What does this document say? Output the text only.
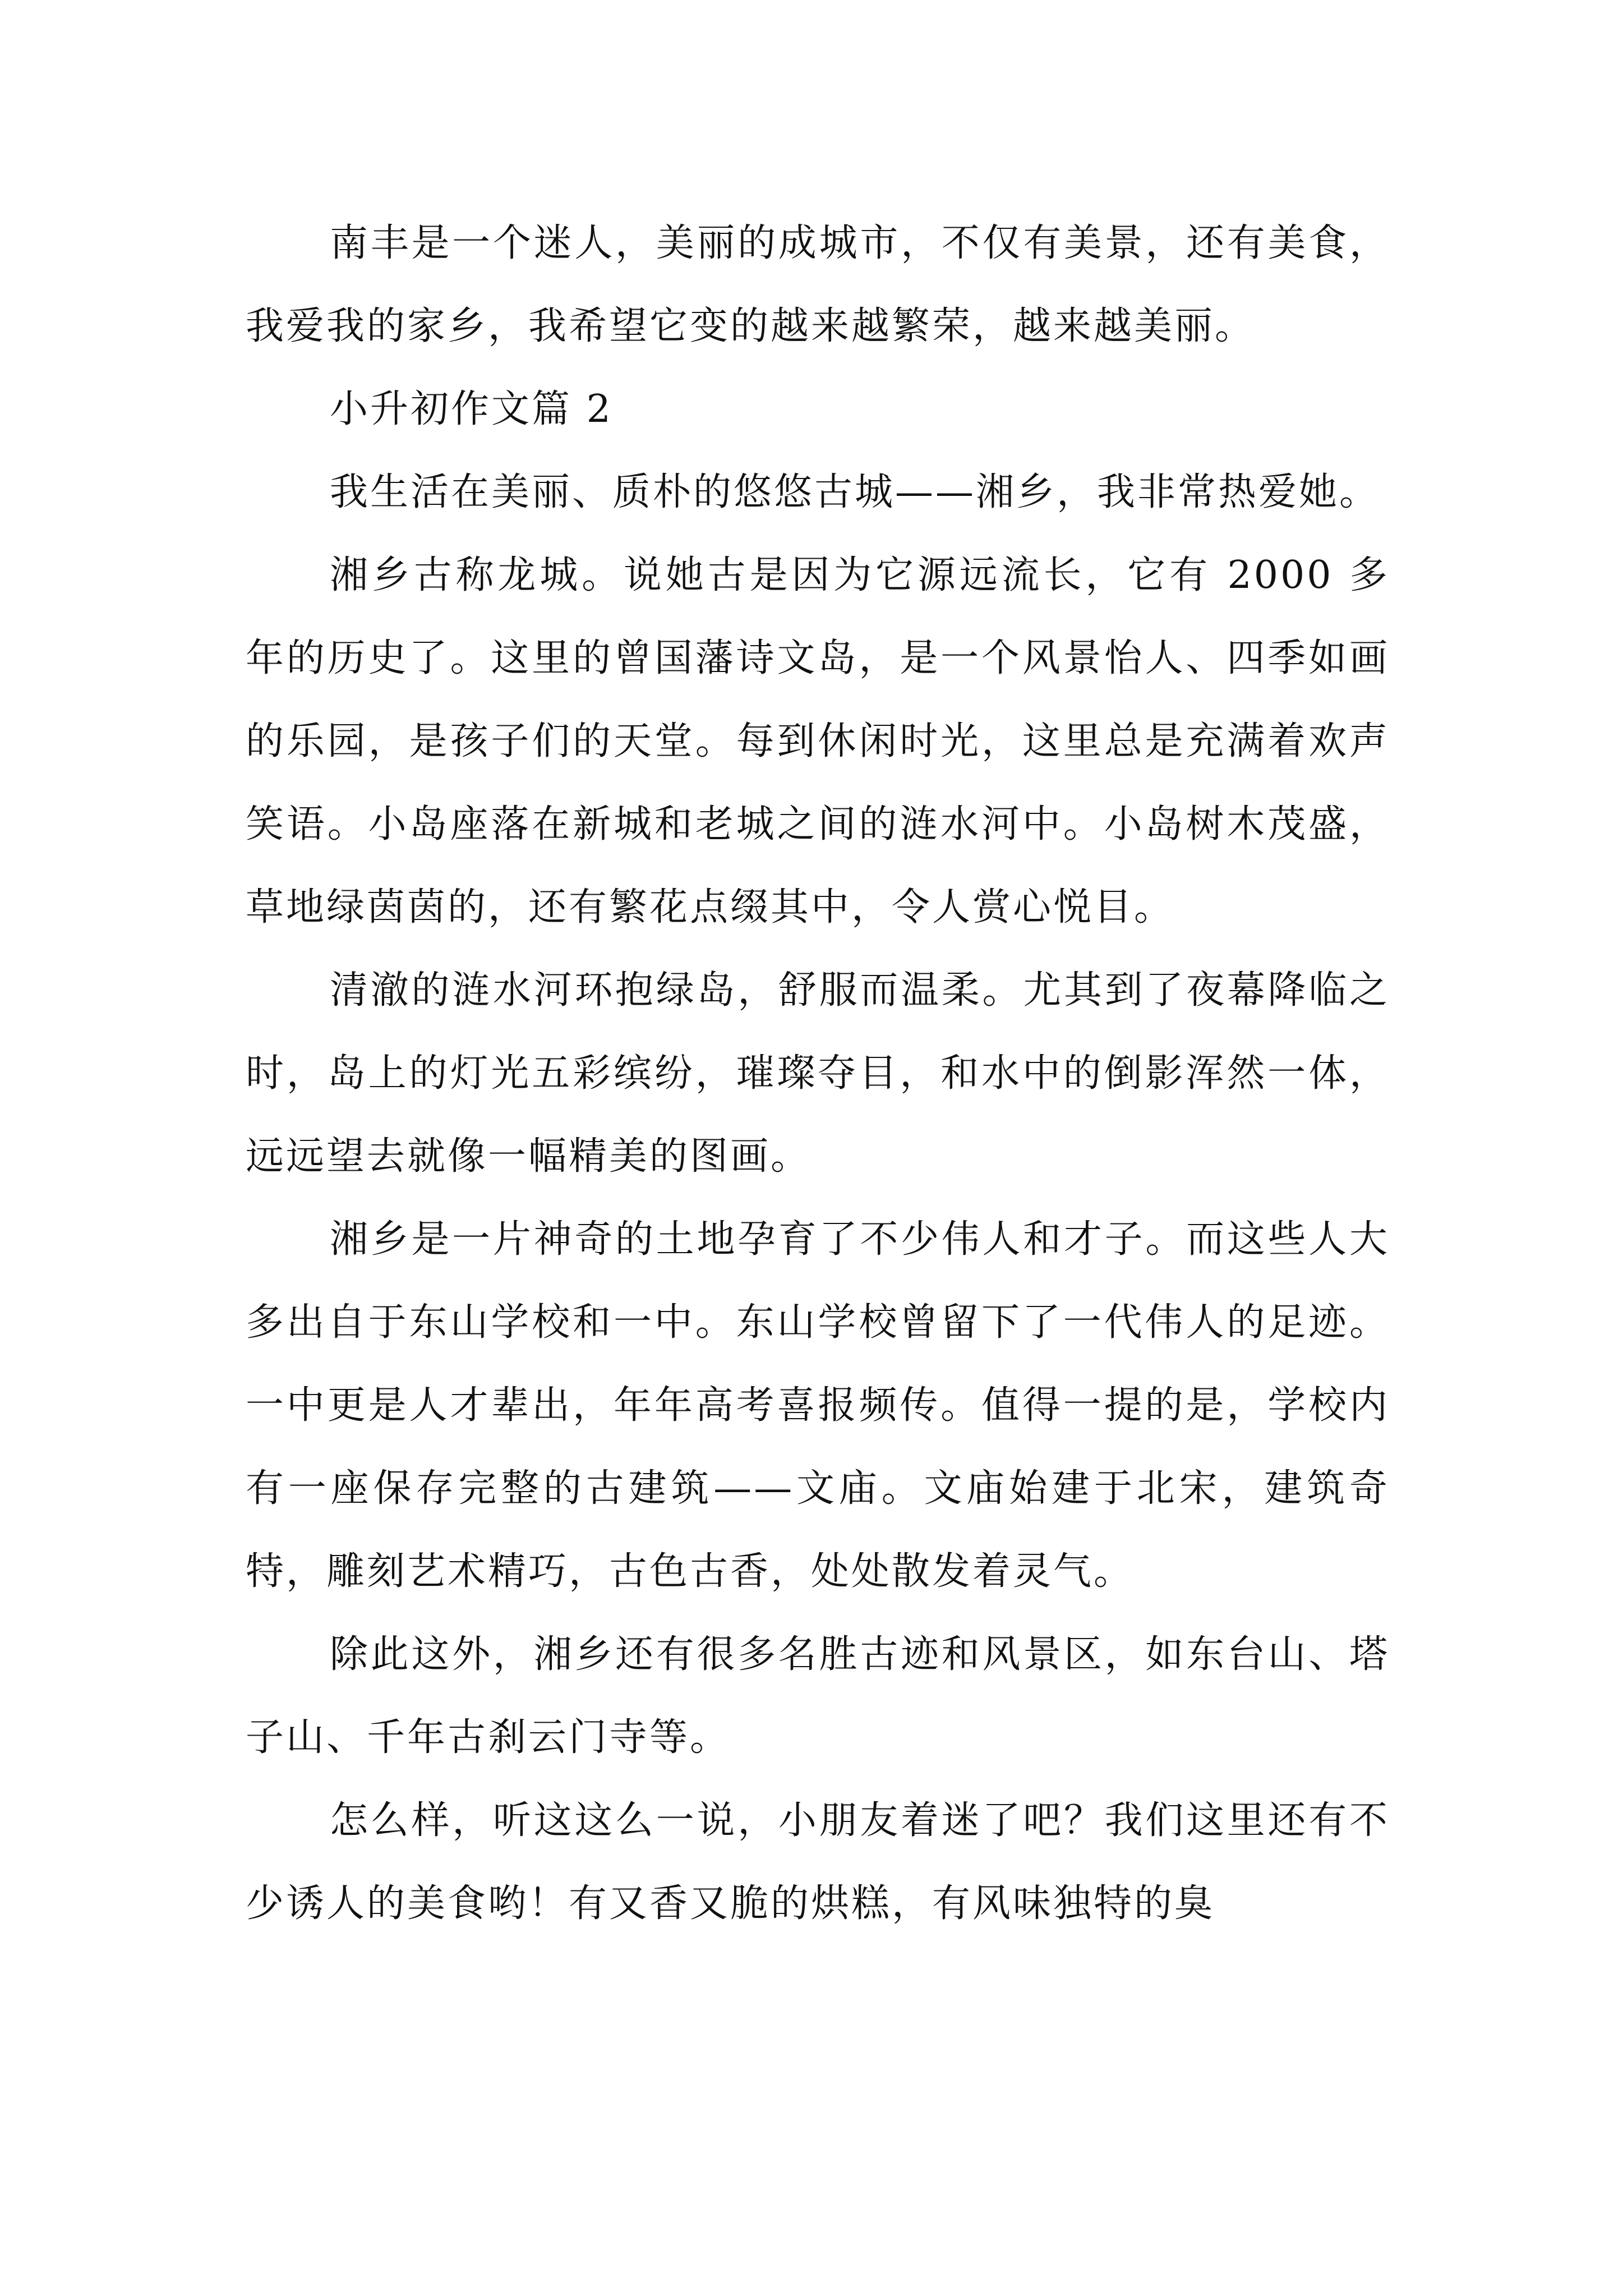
南丰是一个迷人，美丽的成城市，不仅有美景，还有美食，我爱我的家乡，我希望它变的越来越繁荣，越来越美丽。

小升初作文篇 2

我生活在美丽、质朴的悠悠古城——湘乡，我非常热爱她。

湘乡古称龙城。说她古是因为它源远流长，它有 2000 多年的历史了。这里的曾国藩诗文岛，是一个风景怡人、四季如画的乐园，是孩子们的天堂。每到休闲时光，这里总是充满着欢声笑语。小岛座落在新城和老城之间的涟水河中。小岛树木茂盛，草地绿茵茵的，还有繁花点缀其中，令人赏心悦目。

清澈的涟水河环抱绿岛，舒服而温柔。尤其到了夜幕降临之时，岛上的灯光五彩缤纷，璀璨夺目，和水中的倒影浑然一体，远远望去就像一幅精美的图画。

湘乡是一片神奇的土地孕育了不少伟人和才子。而这些人大多出自于东山学校和一中。东山学校曾留下了一代伟人的足迹。一中更是人才辈出，年年高考喜报频传。值得一提的是，学校内有一座保存完整的古建筑——文庙。文庙始建于北宋，建筑奇特，雕刻艺术精巧，古色古香，处处散发着灵气。

除此这外，湘乡还有很多名胜古迹和风景区，如东台山、塔子山、千年古刹云门寺等。

怎么样，听这这么一说，小朋友着迷了吧？我们这里还有不少诱人的美食哟！有又香又脆的烘糕，有风味独特的臭
